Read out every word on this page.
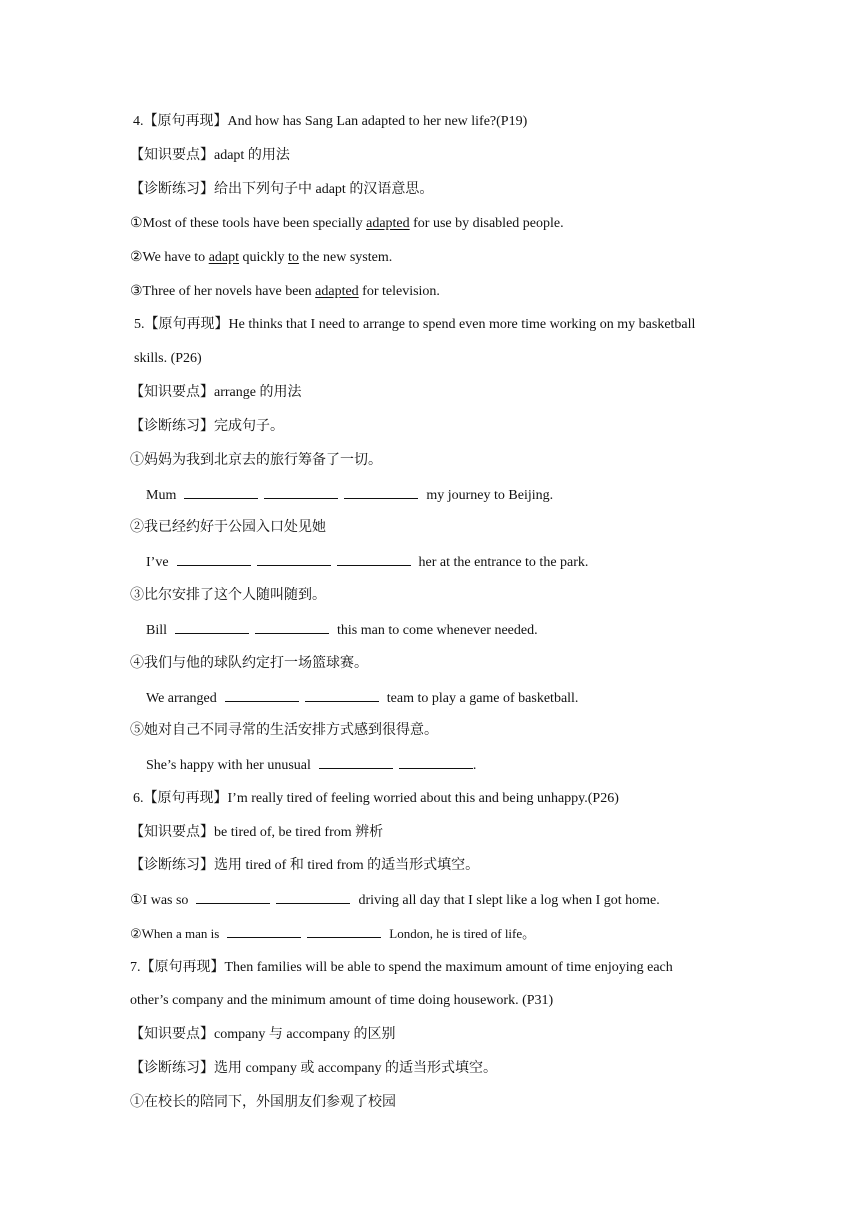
4.【原句再现】And how has Sang Lan adapted to her new life?(P19)
【知识要点】adapt 的用法
【诊断练习】给出下列句子中 adapt 的汉语意思。
①Most of these tools have been specially adapted for use by disabled people.
②We have to adapt quickly to the new system.
③Three of her novels have been adapted for television.
5.【原句再现】He thinks that I need to arrange to spend even more time working on my basketball
skills. (P26)
【知识要点】arrange 的用法
【诊断练习】完成句子。
①妈妈为我到北京去的旅行筹备了一切。
Mum	my journey to Beijing.
②我已经约好于公园入口处见她
I’ve	her at the entrance to the park.
③比尔安排了这个人随叫随到。
Bill	this man to come whenever needed.
④我们与他的球队约定打一场篮球赛。
We arranged	team to play a game of basketball.
⑤她对自己不同寻常的生活安排方式感到很得意。
She’s happy with her unusual	.
6.【原句再现】I’m really tired of feeling worried about this and being unhappy.(P26)
【知识要点】be tired of, be tired from 辨析
【诊断练习】选用 tired of 和 tired from 的适当形式填空。
①I was so	driving all day that I slept like a log when I got home.
②When a man is	London, he is tired of life。
7.【原句再现】Then families will be able to spend the maximum amount of time enjoying each
other’s company and the minimum amount of time doing housework. (P31)
【知识要点】company 与 accompany 的区别
【诊断练习】选用 company 或 accompany 的适当形式填空。
①在校长的陪同下，外国朋友们参观了校园
